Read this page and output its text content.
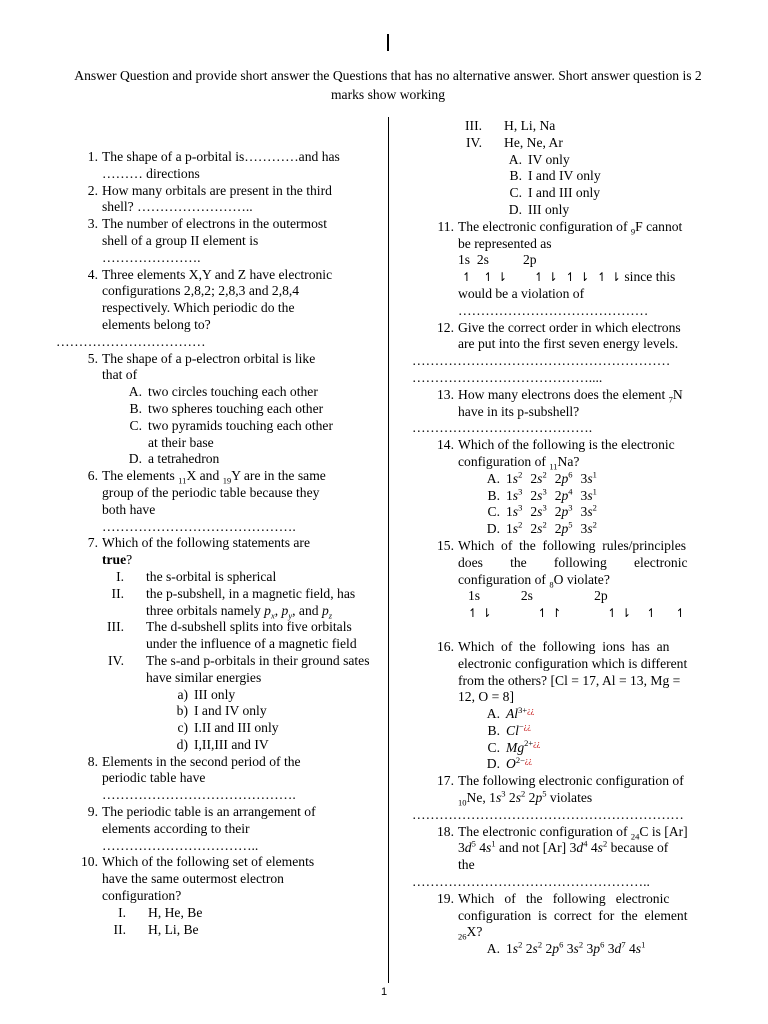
Answer Question and provide short answer the Questions that has no alternative answer. Short answer question is 2 marks show working
1. The shape of a p-orbital is…………and has ……… directions
2. How many orbitals are present in the third
shell? ……………………..
3. The number of electrons in the outermost
shell of a group II element is
………………….
4. Three elements X,Y and Z have electronic
configurations 2,8,2; 2,8,3 and 2,8,4
respectively. Which periodic do the
elements belong to?
……………………………
5. The shape of a p-electron orbital is like
that of
A. two circles touching each other
B. two spheres touching each other
C. two pyramids touching each other at their base
D. a tetrahedron
6. The elements $_{11}$X and $_{19}$Y are in the same
group of the periodic table because they
both have
…………………………………….
7. Which of the following statements are
true?
I. the s-orbital is spherical
II. the p-subshell, in a magnetic field, has three orbitals namely $p_x$, $p_y$, and $p_z$
III. The d-subshell splits into five orbitals under the influence of a magnetic field
IV. The s-and p-orbitals in their ground sates have similar energies
a) III only
b) I and IV only
c) I.II and III only
d) I,II,III and IV
8. Elements in the second period of the
periodic table have
…………………………………….
9. The periodic table is an arrangement of
elements according to their
……………………………..
10. Which of the following set of elements
have the same outermost electron
configuration?
I. H, He, Be
II. H, Li, Be
III. H, Li, Na
IV. He, Ne, Ar
A. IV only
B. I and IV only
C. I and III only
D. III only
11. The electronic configuration of $_9$F cannot
be represented as
1s  2s          2p
↿   ↿ ⇂       ↿ ⇂  ↿ ⇂  ↿ ⇂ since this
would be a violation of
……………………………………
12. Give the correct order in which electrons
are put into the first seven energy levels.
…………………………………………………
…………………………………....
13. How many electrons does the element $_7$N
have in its p-subshell?
………………………………….
14. Which of the following is the electronic
configuration of $_{11}$Na?
A. $1s^2$ $2s^2$ $2p^6$ $3s^1$
B. $1s^3$ $2s^3$ $2p^4$ $3s^1$
C. $1s^3$ $2s^3$ $2p^3$ $3s^2$
D. $1s^2$ $2s^2$ $2p^5$ $3s^2$
15. Which  of  the  following  rules/principles
does        the        following        electronic
configuration of $_8$O violate?
1s            2s                  2p
↿ ⇂            ↿ ↾            ↿ ⇂    ↿     ↿
16. Which  of  the  following  ions  has  an
electronic configuration which is different
from the others? [Cl = 17, Al = 13, Mg =
12, O = 8]
A. $Al^{3+¿¿}$
B. Cl−¿¿
C. $Mg^{2+¿¿}$
D. $O^{2-¿¿}$
17. The following electronic configuration of
$_{10}$Ne, $1s^3$ $2s^2$ $2p^5$ violates
……………………………………………………
18. The electronic configuration of $_{24}$C is [Ar]
$3d^5$ $4s^1$ and not [Ar] $3d^4$ $4s^2$ because of
the
……………………………………………..
19. Which   of   the   following   electronic
configuration  is  correct  for  the  element
$_{26}$X?
A. $1s^2$ $2s^2$ $2p^6$ $3s^2$ $3p^6$ $3d^7$ $4s^1$
1
